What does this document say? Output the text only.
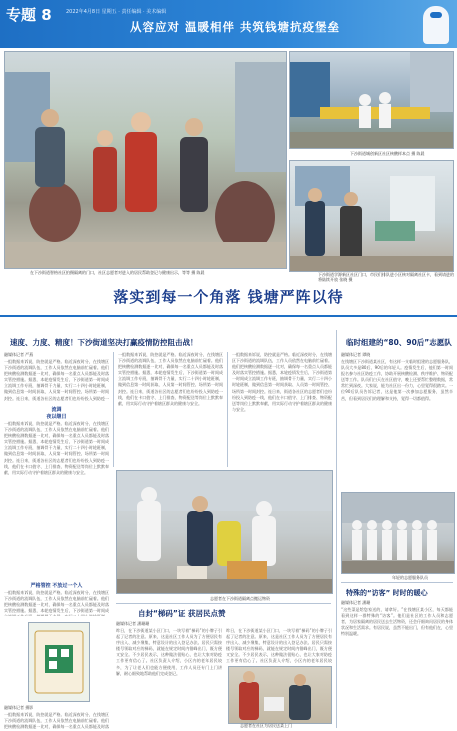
专题 8	2022年4月8日 星期五 · 责任编辑 · 美术编辑
从容应对 温暖相伴 共筑钱塘抗疫堡垒
在下沙街道智格社区拍摄隔离的门口，社区志愿者对进入的居民帮助登记与健康出示，等等 摄 陈晨
下沙街道城创新区社区核酸样本点 摄 陈晨
下沙街道学源新区社区门口，市民们排队进小区核对隔离社区卡，看到请进的将陆续开放 张晓 摄
落实到每一个角落 钱塘严阵以待
速度、力度、精度！下沙街道坚决打赢疫情防控阻击战！
融媒体记者 严燕
一组数据来诉说，防控就是严格。临近深夜时分，在钱塘区下沙街道的流调队伍，工作人员依然在电脑前忙碌着。他们把核酸检测数据逐一比对，确保每一名重点人员都能及时落实管控措施。据悉，本轮疫情发生后，下沙街道第一时间成立流调工作专班，抽调骨干力量，实行二十四小时轮班制，做到信息第一时间获取、人员第一时间管控、场所第一时间封控。连日来，街道各社区的志愿者们也纷纷投入到防疫一
流调
夜以继日
一组数据来诉说，防控就是严格。临近深夜时分，在钱塘区下沙街道的流调队伍，工作人员依然在电脑前忙碌着。他们把核酸检测数据逐一比对，确保每一名重点人员都能及时落实管控措施。据悉，本轮疫情发生后，下沙街道第一时间成立流调工作专班，抽调骨干力量，实行二十四小时轮班制，做到信息第一时间获取、人员第一时间管控、场所第一时间封控。连日来，街道各社区的志愿者们也纷纷投入到防疫一线，他们在卡口值守、上门排查、物资配送等岗位上默默奉献，用实际行动守护着辖区群众的健康与安全。
严格管控 不放过一个人
一组数据来诉说，防控就是严格。临近深夜时分，在钱塘区下沙街道的流调队伍，工作人员依然在电脑前忙碌着。他们把核酸检测数据逐一比对，确保每一名重点人员都能及时落实管控措施。据悉，本轮疫情发生后，下沙街道第一时间成
融媒体记者 摄影
一组数据来诉说，防控就是严格。临近深夜时分，在钱塘区下沙街道的流调队伍，工作人员依然在电脑前忙碌着。他们把核酸检测数据逐一比对，确保每一名重点人员都能及时落
一组数据来诉说，防控就是严格。临近深夜时分，在钱塘区下沙街道的流调队伍，工作人员依然在电脑前忙碌着。他们把核酸检测数据逐一比对，确保每一名重点人员都能及时落实管控措施。据悉，本轮疫情发生后，下沙街道第一时间成立流调工作专班，抽调骨干力量，实行二十四小时轮班制，做到信息第一时间获取、人员第一时间管控、场所第一时间封控。连日来，街道各社区的志愿者们也纷纷投入到防疫一线，他们在卡口值守、上门排查、物资配送等岗位上默默奉献，用实际行动守护着辖区群众的健康与安全。
一组数据来诉说，防控就是严格。临近深夜时分，在钱塘区下沙街道的流调队伍，工作人员依然在电脑前忙碌着。他们把核酸检测数据逐一比对，确保每一名重点人员都能及时落实管控措施。据悉，本轮疫情发生后，下沙街道第一时间成立流调工作专班，抽调骨干力量，实行二十四小时轮班制，做到信息第一时间获取、人员第一时间管控、场所第一时间封控。连日来，街道各社区的志愿者们也纷纷投入到防疫一线，他们在卡口值守、上门排查、物资配送等岗位上默默奉献，用实际行动守护着辖区群众的健康与安全。
志愿者在下沙街道隔离点搬运物资
自封“梯码”证 获居民点赞
融媒体记者 潘珊珊
昨日，在下沙街道某小区门口，一块写着“梯码”的小牌子引起了记者的注意。原来，这是社区工作人员为了方便居民有序出入、减少聚集，特意设计的出入登记办法。居民只需按楼号领取对应的梯码，就能在规定时间内错峰出门，既方便又安全。不少居民表示，这种做法很贴心，也让大家对防疫工作更有信心了。社区负责人介绍，小区内的老年居民较多，为了让老人们也能方便使用，工作人员还专门上门讲解，耐心细致地帮助他们完成登记。
昨日，在下沙街道某小区门口，一块写着“梯码”的小牌子引起了记者的注意。原来，这是社区工作人员为了方便居民有序出入、减少聚集，特意设计的出入登记办法。居民只需按楼号领取对应的梯码，就能在规定时间内错峰出门，既方便又安全。不少居民表示，这种做法很贴心，也让大家对防疫工作更有信心了。社区负责人介绍，小区内的老年居民较
志愿者在社区为居民送菜上门
临时组建的“80、90后”志愿队
融媒体记者 谭晓
在钱塘区下沙街道某社区，有这样一支临时组建的志愿服务队，队员大多是80后、90后的年轻人。疫情发生后，他们第一时间报名参与社区防疫工作，协助开展核酸检测、秩序维护、物资配送等工作。队员们白天在社区值守，晚上还要帮忙整理数据，常常忙到深夜。大家说，能为社区出一份力，心里觉得很踏实。一位90后队员告诉记者，这是他第一次参加志愿服务，虽然辛苦，但看到居民们的理解和支持，觉得一切都值得。
年轻的志愿服务队员
特殊的“访客” 时时的暖心
融媒体记者 潘珊
“这些菜是给您家送的，请拿好。”在钱塘区某小区，每天都能看到这样一群特殊的“访客”。他们是社区的工作人员和志愿者，为居家隔离的居民送去生活物资，还会仔细询问居民的身体状况和生活需求。有居民说，虽然不能出门，但有他们在，心里特别温暖。
